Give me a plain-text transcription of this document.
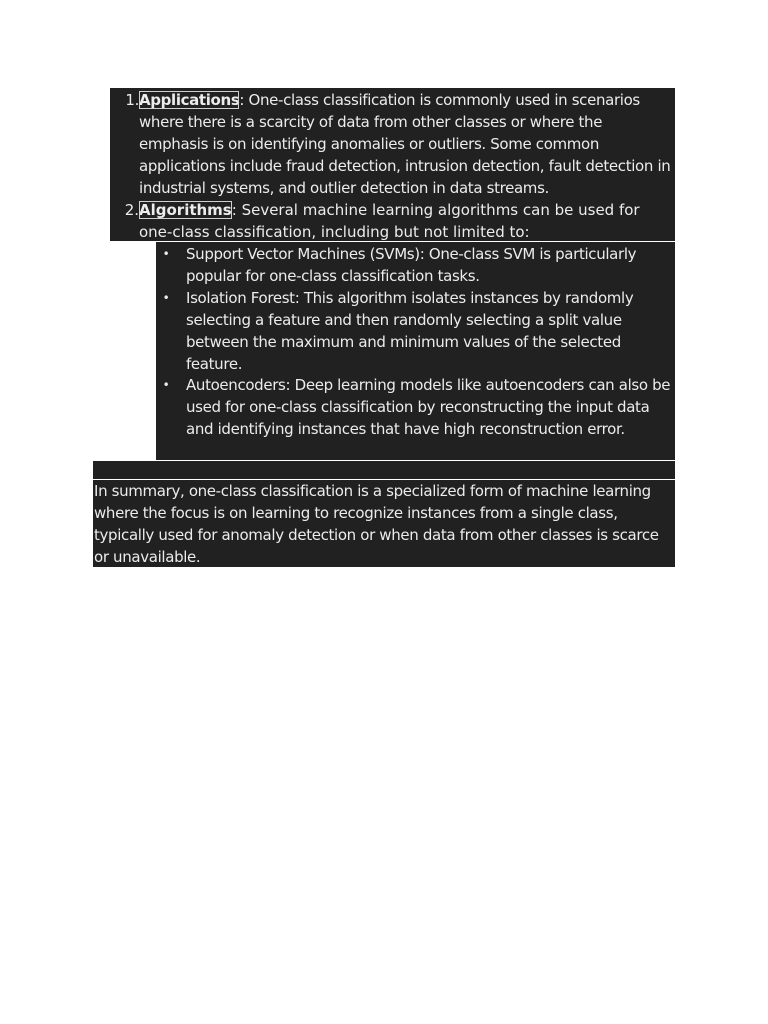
1. Applications: One-class classification is commonly used in scenarios where there is a scarcity of data from other classes or where the emphasis is on identifying anomalies or outliers. Some common applications include fraud detection, intrusion detection, fault detection in industrial systems, and outlier detection in data streams.
2. Algorithms: Several machine learning algorithms can be used for one-class classification, including but not limited to:
• Support Vector Machines (SVMs): One-class SVM is particularly popular for one-class classification tasks.
• Isolation Forest: This algorithm isolates instances by randomly selecting a feature and then randomly selecting a split value between the maximum and minimum values of the selected feature.
• Autoencoders: Deep learning models like autoencoders can also be used for one-class classification by reconstructing the input data and identifying instances that have high reconstruction error.

In summary, one-class classification is a specialized form of machine learning where the focus is on learning to recognize instances from a single class, typically used for anomaly detection or when data from other classes is scarce or unavailable.
